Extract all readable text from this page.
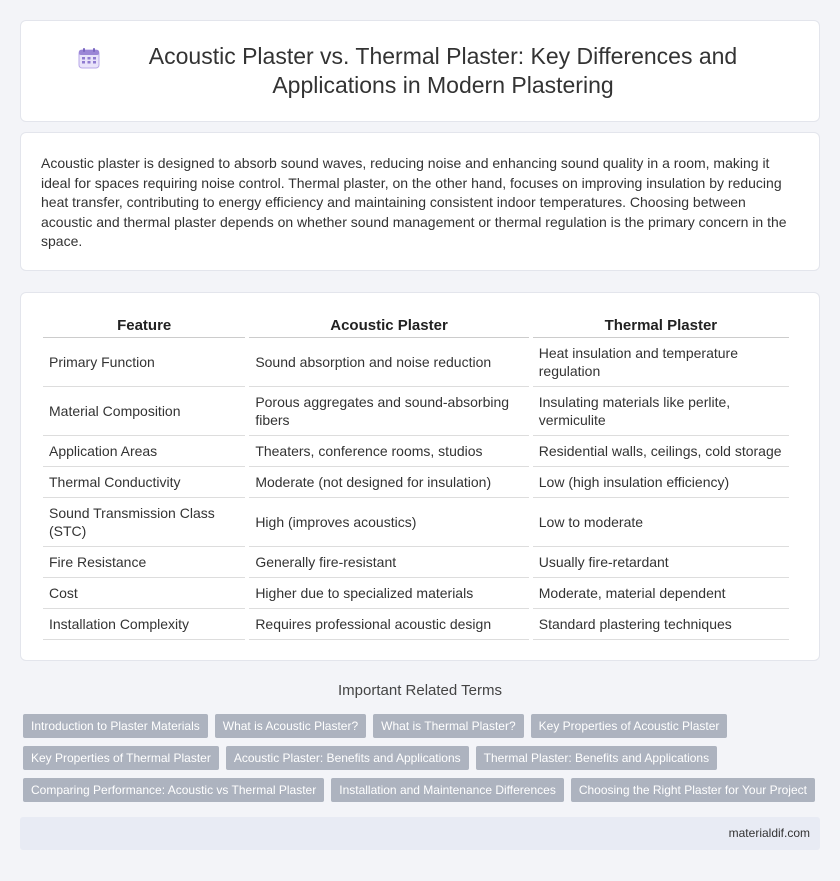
Acoustic Plaster vs. Thermal Plaster: Key Differences and Applications in Modern Plastering
Acoustic plaster is designed to absorb sound waves, reducing noise and enhancing sound quality in a room, making it ideal for spaces requiring noise control. Thermal plaster, on the other hand, focuses on improving insulation by reducing heat transfer, contributing to energy efficiency and maintaining consistent indoor temperatures. Choosing between acoustic and thermal plaster depends on whether sound management or thermal regulation is the primary concern in the space.
Feature	Acoustic Plaster	Thermal Plaster
Primary Function	Sound absorption and noise reduction	Heat insulation and temperature regulation
Material Composition	Porous aggregates and sound-absorbing fibers	Insulating materials like perlite, vermiculite
Application Areas	Theaters, conference rooms, studios	Residential walls, ceilings, cold storage
Thermal Conductivity	Moderate (not designed for insulation)	Low (high insulation efficiency)
Sound Transmission Class (STC)	High (improves acoustics)	Low to moderate
Fire Resistance	Generally fire-resistant	Usually fire-retardant
Cost	Higher due to specialized materials	Moderate, material dependent
Installation Complexity	Requires professional acoustic design	Standard plastering techniques
Important Related Terms
Introduction to Plaster Materials	What is Acoustic Plaster?	What is Thermal Plaster?	Key Properties of Acoustic Plaster
Key Properties of Thermal Plaster	Acoustic Plaster: Benefits and Applications	Thermal Plaster: Benefits and Applications
Comparing Performance: Acoustic vs Thermal Plaster	Installation and Maintenance Differences	Choosing the Right Plaster for Your Project
materialdif.com
